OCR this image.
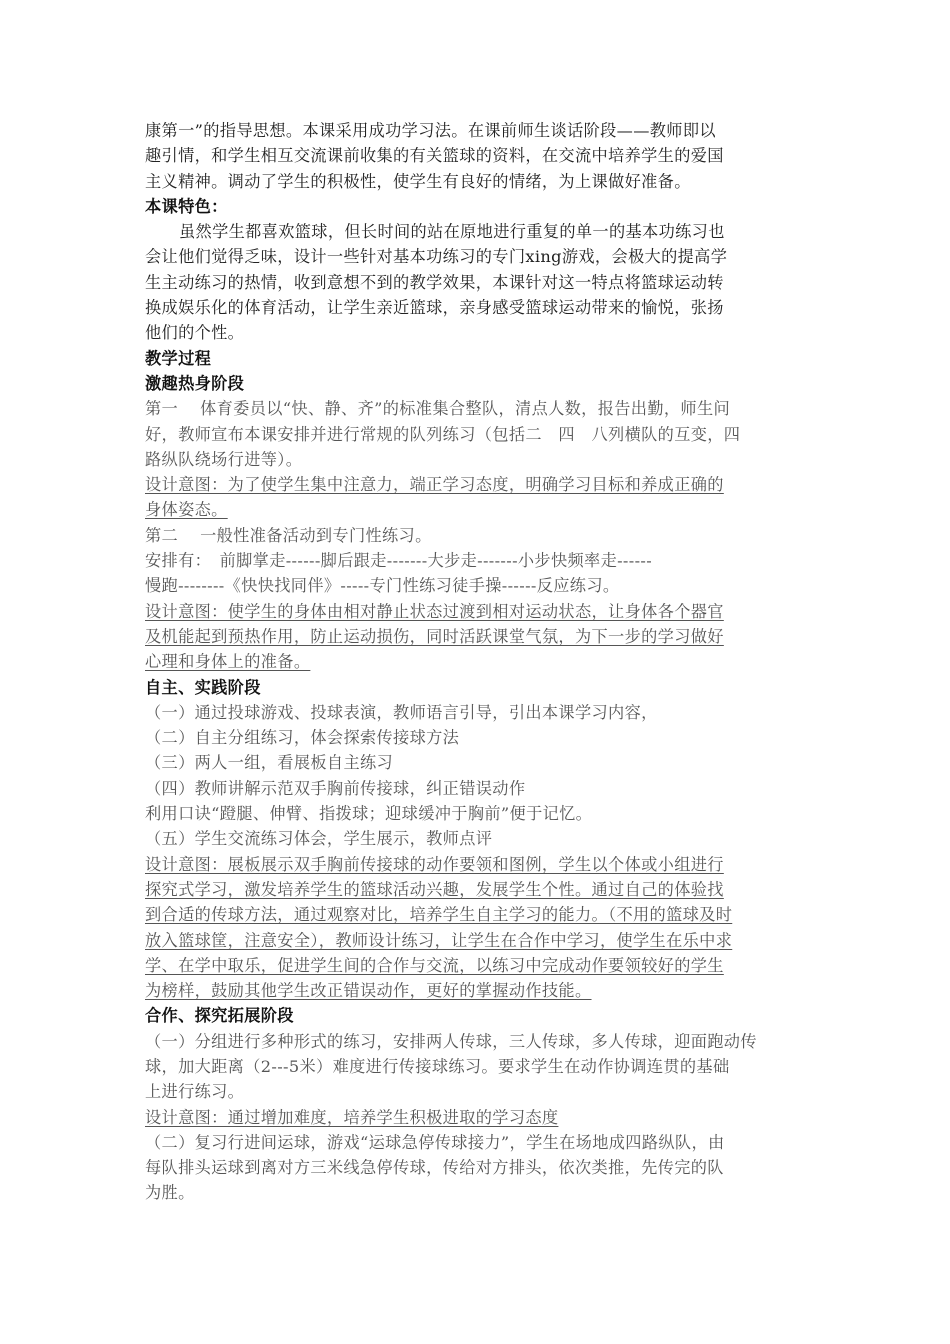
康第一”的指导思想。本课采用成功学习法。在课前师生谈话阶段——教师即以
趣引情，和学生相互交流课前收集的有关篮球的资料，在交流中培养学生的爱国
主义精神。调动了学生的积极性，使学生有良好的情绪，为上课做好准备。
本课特色：
虽然学生都喜欢篮球，但长时间的站在原地进行重复的单一的基本功练习也
会让他们觉得乏味，设计一些针对基本功练习的专门xing游戏，会极大的提高学
生主动练习的热情，收到意想不到的教学效果，本课针对这一特点将篮球运动转
换成娱乐化的体育活动，让学生亲近篮球，亲身感受篮球运动带来的愉悦，张扬
他们的个性。
教学过程
激趣热身阶段
第一　 体育委员以“快、静、齐”的标准集合整队，清点人数，报告出勤，师生问
好，教师宣布本课安排并进行常规的队列练习（包括二　四　八列横队的互变，四
路纵队绕场行进等）。
设计意图：为了使学生集中注意力，端正学习态度，明确学习目标和养成正确的
身体姿态。
第二　 一般性准备活动到专门性练习。
安排有：　前脚掌走------脚后跟走-------大步走-------小步快频率走------
慢跑--------《快快找同伴》-----专门性练习徒手操------反应练习。
设计意图：使学生的身体由相对静止状态过渡到相对运动状态，让身体各个器官
及机能起到预热作用，防止运动损伤，同时活跃课堂气氛，为下一步的学习做好
心理和身体上的准备。
自主、实践阶段
（一）通过投球游戏、投球表演，教师语言引导，引出本课学习内容，
（二）自主分组练习，体会探索传接球方法
（三）两人一组，看展板自主练习
（四）教师讲解示范双手胸前传接球，纠正错误动作
利用口诀“蹬腿、伸臂、指拨球；迎球缓冲于胸前”便于记忆。
（五）学生交流练习体会，学生展示，教师点评
设计意图：展板展示双手胸前传接球的动作要领和图例，学生以个体或小组进行
探究式学习，激发培养学生的篮球活动兴趣，发展学生个性。通过自己的体验找
到合适的传球方法，通过观察对比，培养学生自主学习的能力。（不用的篮球及时
放入篮球筐，注意安全），教师设计练习，让学生在合作中学习，使学生在乐中求
学、在学中取乐，促进学生间的合作与交流，以练习中完成动作要领较好的学生
为榜样，鼓励其他学生改正错误动作，更好的掌握动作技能。
合作、探究拓展阶段
（一）分组进行多种形式的练习，安排两人传球，三人传球，多人传球，迎面跑动传
球，加大距离（2---5米）难度进行传接球练习。要求学生在动作协调连贯的基础
上进行练习。
设计意图：通过增加难度，培养学生积极进取的学习态度
（二）复习行进间运球，游戏“运球急停传球接力”，学生在场地成四路纵队，由
每队排头运球到离对方三米线急停传球，传给对方排头，依次类推，先传完的队
为胜。
